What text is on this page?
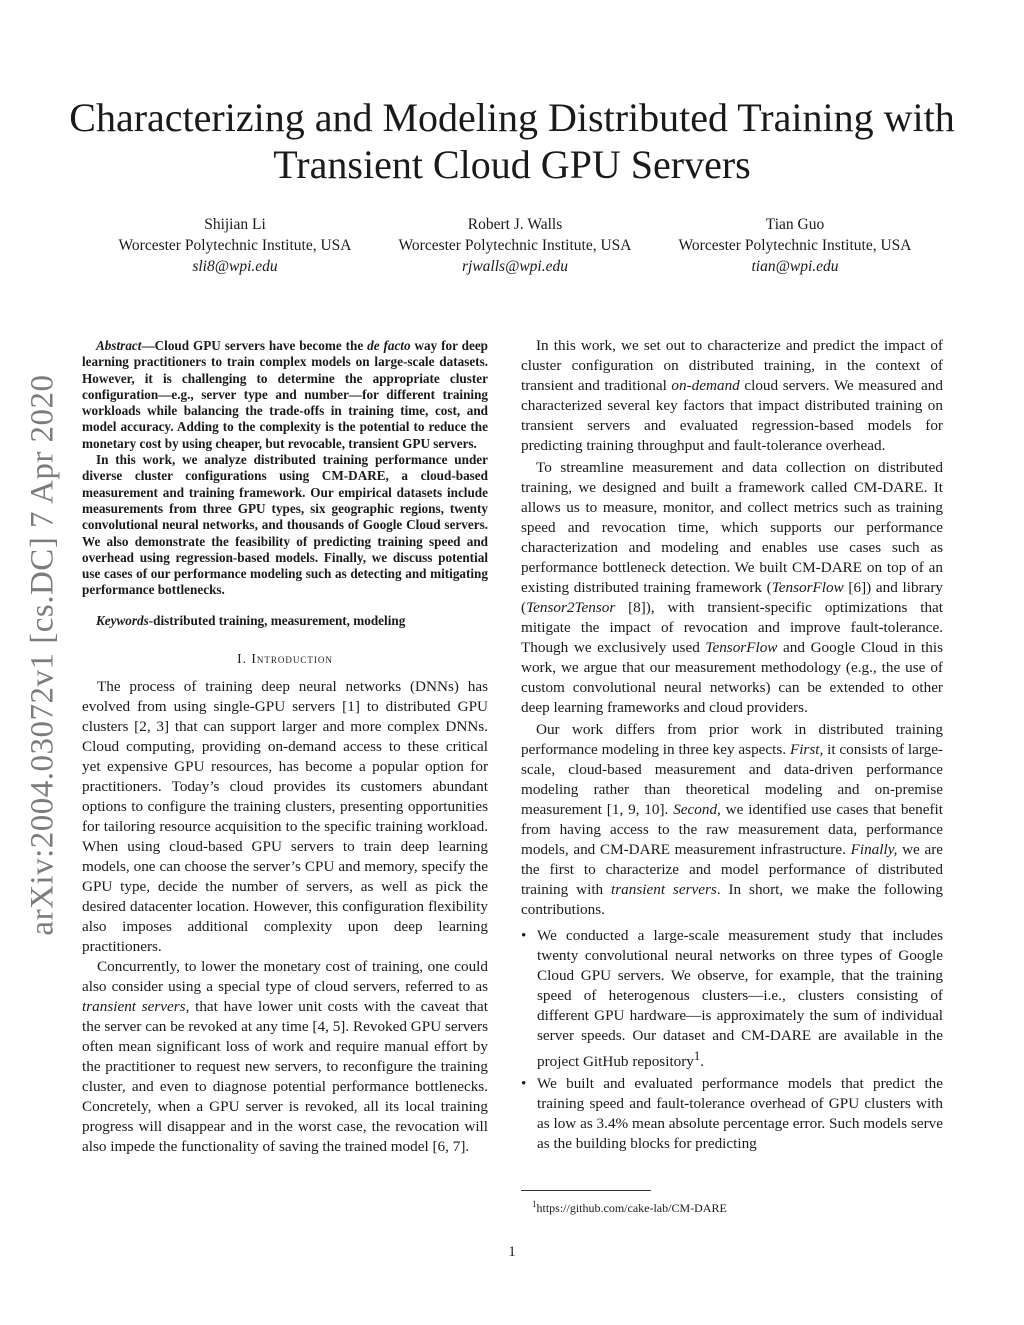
Characterizing and Modeling Distributed Training with Transient Cloud GPU Servers
Shijian Li
Worcester Polytechnic Institute, USA
sli8@wpi.edu
Robert J. Walls
Worcester Polytechnic Institute, USA
rjwalls@wpi.edu
Tian Guo
Worcester Polytechnic Institute, USA
tian@wpi.edu
arXiv:2004.03072v1 [cs.DC] 7 Apr 2020

Abstract—Cloud GPU servers have become the de facto way for deep learning practitioners to train complex models on large-scale datasets. However, it is challenging to determine the appropriate cluster configuration—e.g., server type and number—for different training workloads while balancing the trade-offs in training time, cost, and model accuracy. Adding to the complexity is the potential to reduce the monetary cost by using cheaper, but revocable, transient GPU servers.

In this work, we analyze distributed training performance under diverse cluster configurations using CM-DARE, a cloud-based measurement and training framework. Our empirical datasets include measurements from three GPU types, six geographic regions, twenty convolutional neural networks, and thousands of Google Cloud servers. We also demonstrate the feasibility of predicting training speed and overhead using regression-based models. Finally, we discuss potential use cases of our performance modeling such as detecting and mitigating performance bottlenecks.

Keywords-distributed training, measurement, modeling

I. Introduction

The process of training deep neural networks (DNNs) has evolved from using single-GPU servers [1] to distributed GPU clusters [2, 3] that can support larger and more complex DNNs. Cloud computing, providing on-demand access to these critical yet expensive GPU resources, has become a popular option for practitioners. Today’s cloud provides its customers abundant options to configure the training clusters, presenting opportunities for tailoring resource acquisition to the specific training workload. When using cloud-based GPU servers to train deep learning models, one can choose the server’s CPU and memory, specify the GPU type, decide the number of servers, as well as pick the desired datacenter location. However, this configuration flexibility also imposes additional complexity upon deep learning practitioners.

Concurrently, to lower the monetary cost of training, one could also consider using a special type of cloud servers, referred to as transient servers, that have lower unit costs with the caveat that the server can be revoked at any time [4, 5]. Revoked GPU servers often mean significant loss of work and require manual effort by the practitioner to request new servers, to reconfigure the training cluster, and even to diagnose potential performance bottlenecks. Concretely, when a GPU server is revoked, all its local training progress will disappear and in the worst case, the revocation will also impede the functionality of saving the trained model [6, 7].

In this work, we set out to characterize and predict the impact of cluster configuration on distributed training, in the context of transient and traditional on-demand cloud servers. We measured and characterized several key factors that impact distributed training on transient servers and evaluated regression-based models for predicting training throughput and fault-tolerance overhead.

To streamline measurement and data collection on distributed training, we designed and built a framework called CM-DARE. It allows us to measure, monitor, and collect metrics such as training speed and revocation time, which supports our performance characterization and modeling and enables use cases such as performance bottleneck detection. We built CM-DARE on top of an existing distributed training framework (TensorFlow [6]) and library (Tensor2Tensor [8]), with transient-specific optimizations that mitigate the impact of revocation and improve fault-tolerance. Though we exclusively used TensorFlow and Google Cloud in this work, we argue that our measurement methodology (e.g., the use of custom convolutional neural networks) can be extended to other deep learning frameworks and cloud providers.

Our work differs from prior work in distributed training performance modeling in three key aspects. First, it consists of large-scale, cloud-based measurement and data-driven performance modeling rather than theoretical modeling and on-premise measurement [1, 9, 10]. Second, we identified use cases that benefit from having access to the raw measurement data, performance models, and CM-DARE measurement infrastructure. Finally, we are the first to characterize and model performance of distributed training with transient servers. In short, we make the following contributions.

• We conducted a large-scale measurement study that includes twenty convolutional neural networks on three types of Google Cloud GPU servers. We observe, for example, that the training speed of heterogenous clusters—i.e., clusters consisting of different GPU hardware—is approximately the sum of individual server speeds. Our dataset and CM-DARE are available in the project GitHub repository$^1$.
• We built and evaluated performance models that predict the training speed and fault-tolerance overhead of GPU clusters with as low as 3.4% mean absolute percentage error. Such models serve as the building blocks for predicting
$^1$https://github.com/cake-lab/CM-DARE
1
